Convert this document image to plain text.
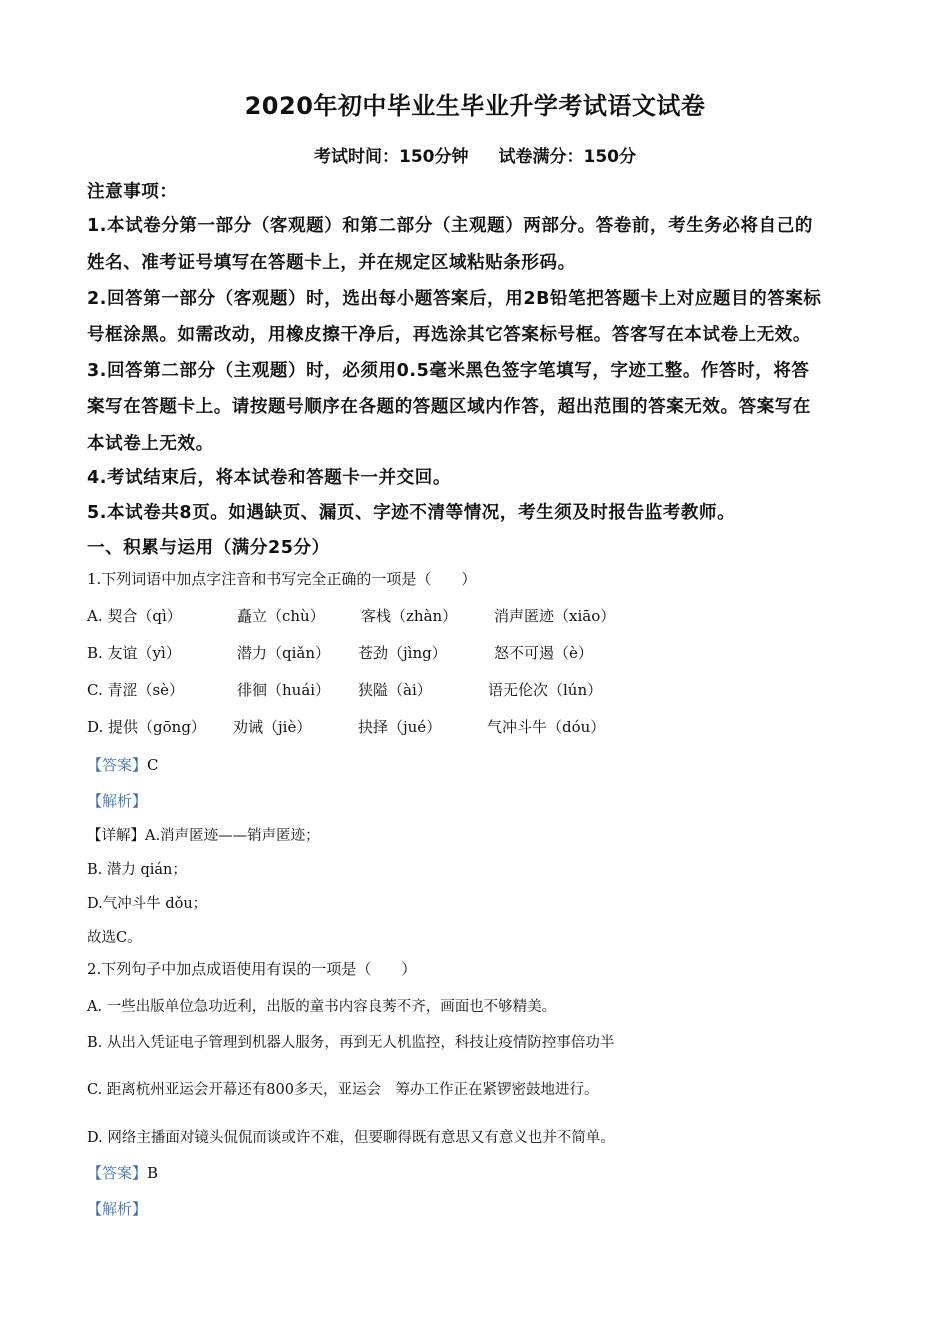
2020年初中毕业生毕业升学考试语文试卷
考试时间：150分钟 试卷满分：150分
注意事项：
1.本试卷分第一部分（客观题）和第二部分（主观题）两部分。答卷前，考生务必将自己的
姓名、准考证号填写在答题卡上，并在规定区域粘贴条形码。
2.回答第一部分（客观题）时，选出每小题答案后，用2B铅笔把答题卡上对应题目的答案标
号框涂黑。如需改动，用橡皮擦干净后，再选涂其它答案标号框。答客写在本试卷上无效。
3.回答第二部分（主观题）时，必须用0.5毫米黑色签字笔填写，字迹工整。作答时，将答
案写在答题卡上。请按题号顺序在各题的答题区域内作答，超出范围的答案无效。答案写在
本试卷上无效。
4.考试结束后，将本试卷和答题卡一并交回。
5.本试卷共8页。如遇缺页、漏页、字迹不清等情况，考生须及时报告监考教师。
一、积累与运用（满分25分）
1.下列词语中加点字注音和书写完全正确的一项是（　　）
A. 契合（qì）	矗立（chù） 客栈（zhàn） 消声匿迹（xiāo）
B. 友谊（yì）	潜力（qiǎn） 苍劲（jìng）	怒不可遏（è）
C. 青涩（sè）	徘徊（huái） 狭隘（ài）	语无伦次（lún）
D. 提供（gōng） 劝诫（jiè）	抉择（jué）	气冲斗牛（dóu）
【答案】C
【解析】
【详解】A.消声匿迹——销声匿迹；
B. 潜力 qián；
D.气冲斗牛 dǒu；
故选C。
2.下列句子中加点成语使用有误的一项是（　　）
A. 一些出版单位急功近利，出版的童书内容良莠不齐，画面也不够精美。
B. 从出入凭证电子管理到机器人服务，再到无人机监控，科技让疫情防控事倍功半
C. 距离杭州亚运会开幕还有800多天，亚运会　筹办工作正在紧锣密鼓地进行。
D. 网络主播面对镜头侃侃而谈或许不难，但要聊得既有意思又有意义也并不简单。
【答案】B
【解析】
